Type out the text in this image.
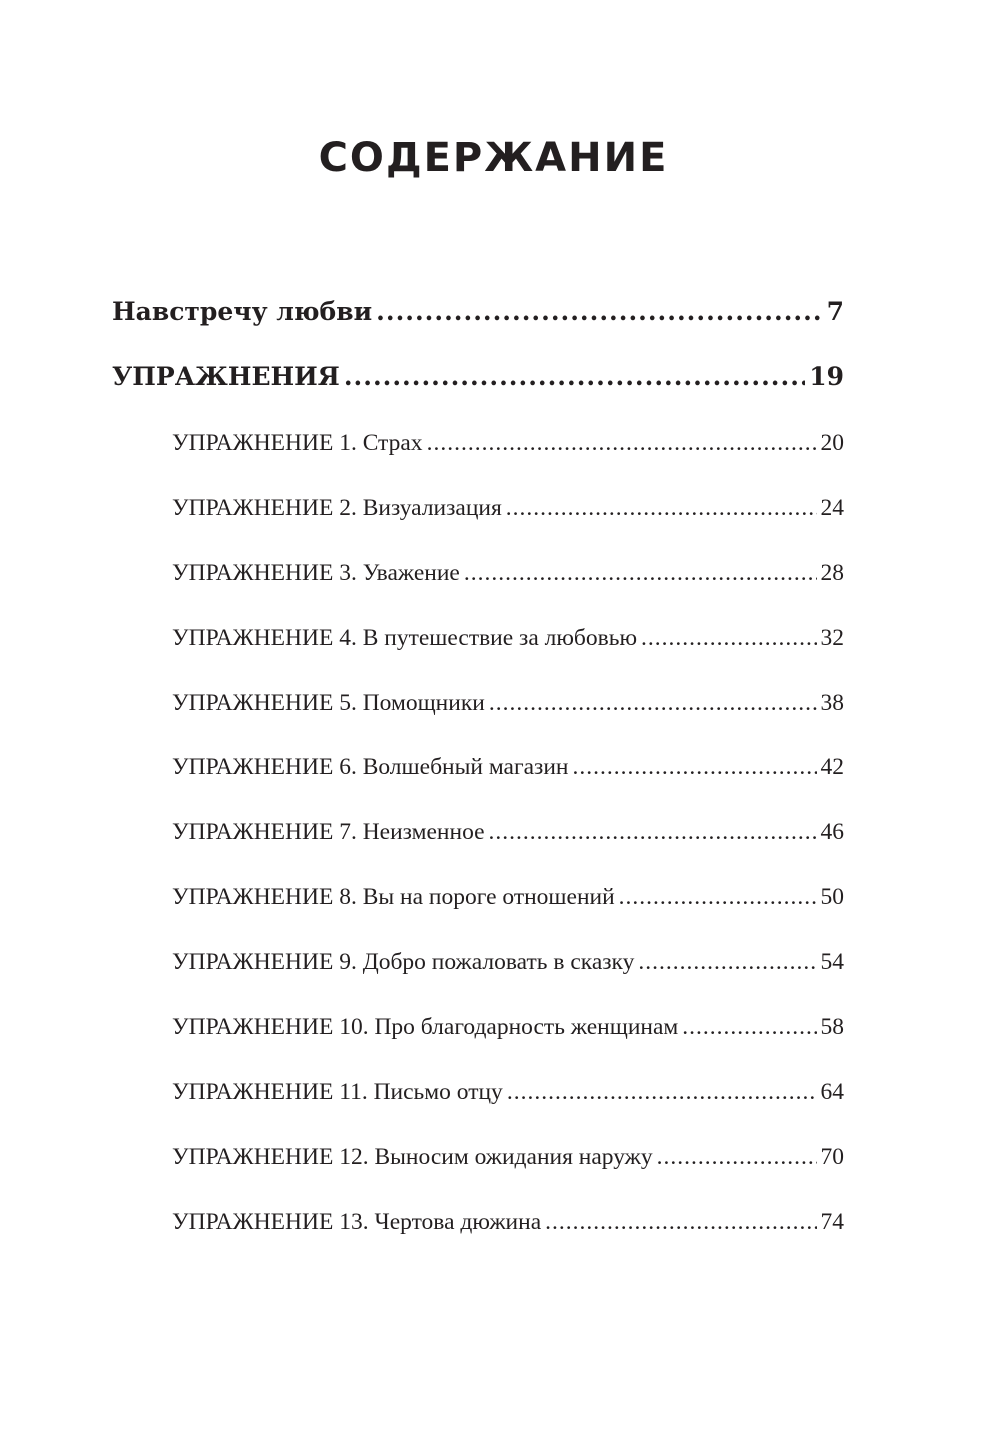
СОДЕРЖАНИЕ
Навстречу любви .....	7
УПРАЖНЕНИЯ .....	19
УПРАЖНЕНИЕ 1. Страх .....	20
УПРАЖНЕНИЕ 2. Визуализация .....	24
УПРАЖНЕНИЕ 3. Уважение .....	28
УПРАЖНЕНИЕ 4. В путешествие за любовью .....	32
УПРАЖНЕНИЕ 5. Помощники .....	38
УПРАЖНЕНИЕ 6. Волшебный магазин .....	42
УПРАЖНЕНИЕ 7. Неизменное .....	46
УПРАЖНЕНИЕ 8. Вы на пороге отношений .....	50
УПРАЖНЕНИЕ 9. Добро пожаловать в сказку .....	54
УПРАЖНЕНИЕ 10. Про благодарность женщинам .....	58
УПРАЖНЕНИЕ 11. Письмо отцу .....	64
УПРАЖНЕНИЕ 12. Выносим ожидания наружу .....	70
УПРАЖНЕНИЕ 13. Чертова дюжина .....	74
